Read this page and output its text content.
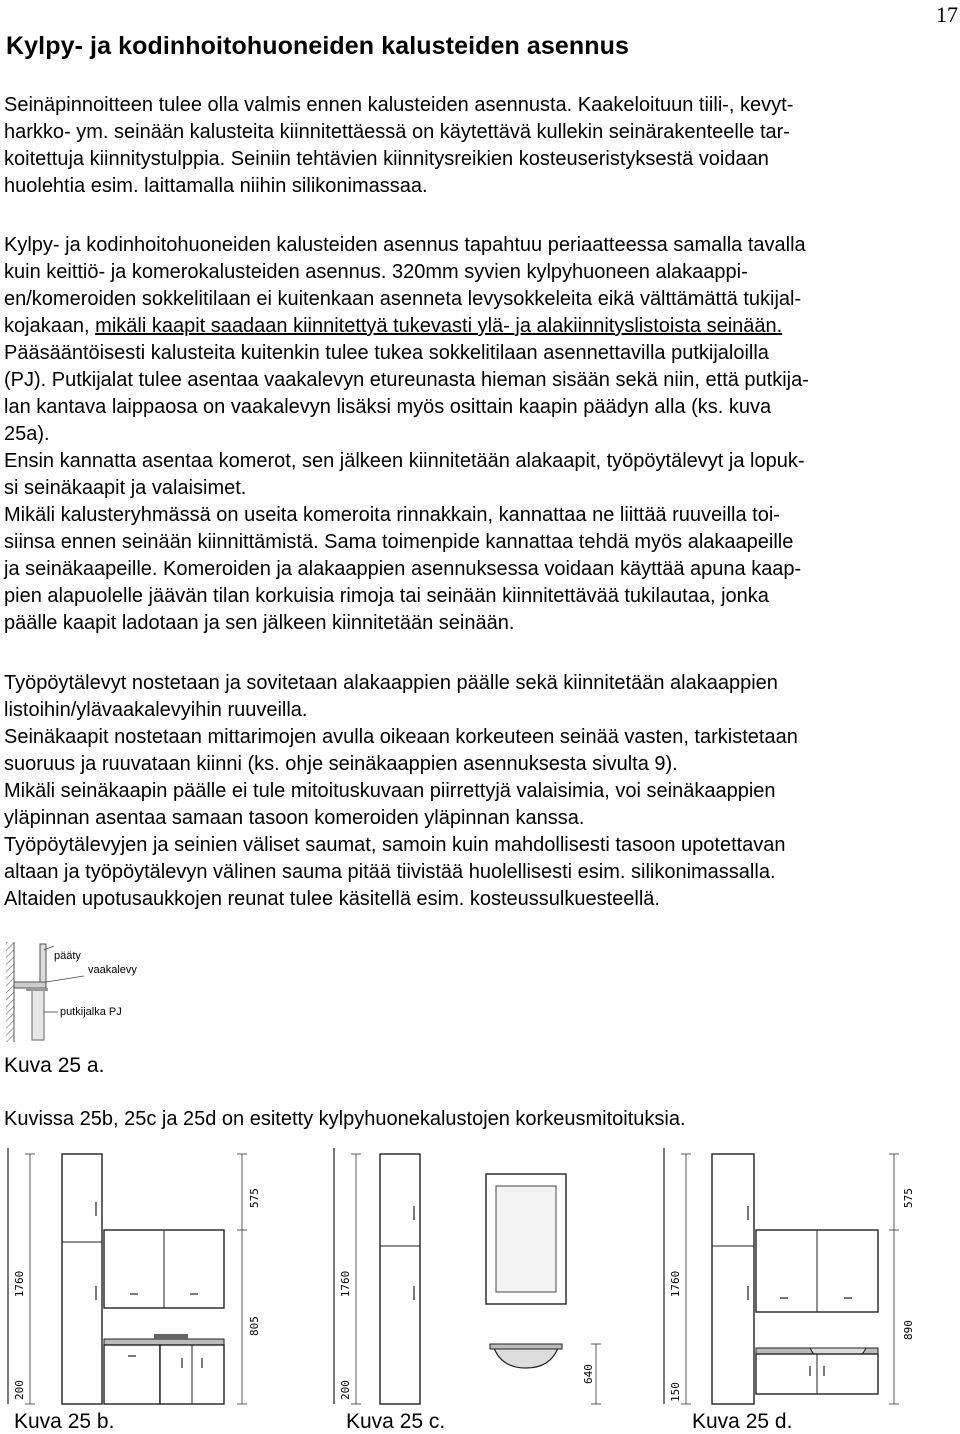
17
Kylpy- ja kodinhoitohuoneiden kalusteiden asennus
Seinäpinnoitteen tulee olla valmis ennen kalusteiden asennusta. Kaakeloituun tiili-, kevyt-
harkko- ym. seinään kalusteita kiinnitettäessä on käytettävä kullekin seinärakenteelle tar-
koitettuja kiinnitystulppia. Seiniin tehtävien kiinnitysreikien kosteuseristyksestä voidaan
huolehtia esim. laittamalla niihin silikonimassaa.
Kylpy- ja kodinhoitohuoneiden kalusteiden asennus tapahtuu periaatteessa samalla tavalla
kuin keittiö- ja komerokalusteiden asennus. 320mm syvien kylpyhuoneen alakaappi-
en/komeroiden sokkelitilaan ei kuitenkaan asenneta levysokkeleita eikä välttämättä tukijal-
kojakaan, mikäli kaapit saadaan kiinnitettyä tukevasti ylä- ja alakiinnityslistoista seinään.
Pääsääntöisesti kalusteita kuitenkin tulee tukea sokkelitilaan asennettavilla putkijaloilla
(PJ). Putkijalat tulee asentaa vaakalevyn etureunasta hieman sisään sekä niin, että putkija-
lan kantava laippaosa on vaakalevyn lisäksi myös osittain kaapin päädyn alla (ks. kuva
25a).
Ensin kannatta asentaa komerot, sen jälkeen kiinnitetään alakaapit, työpöytälevyt ja lopuk-
si seinäkaapit ja valaisimet.
Mikäli kalusteryhmässä on useita komeroita rinnakkain, kannattaa ne liittää ruuveilla toi-
siinsa ennen seinään kiinnittämistä. Sama toimenpide kannattaa tehdä myös alakaapeille
ja seinäkaapeille. Komeroiden ja alakaappien asennuksessa voidaan käyttää apuna kaap-
pien alapuolelle jäävän tilan korkuisia rimoja tai seinään kiinnitettävää tukilautaa, jonka
päälle kaapit ladotaan ja sen jälkeen kiinnitetään seinään.
Työpöytälevyt nostetaan ja sovitetaan alakaappien päälle sekä kiinnitetään alakaappien
listoihin/ylävaakalevyihin ruuveilla.
Seinäkaapit nostetaan mittarimojen avulla oikeaan korkeuteen seinää vasten, tarkistetaan
suoruus ja ruuvataan kiinni (ks. ohje seinäkaappien asennuksesta sivulta 9).
Mikäli seinäkaapin päälle ei tule mitoituskuvaan piirrettyjä valaisimia, voi seinäkaappien
yläpinnan asentaa samaan tasoon komeroiden yläpinnan kanssa.
Työpöytälevyjen ja seinien väliset saumat, samoin kuin mahdollisesti tasoon upotettavan
altaan ja työpöytälevyn välinen sauma pitää tiivistää huolellisesti esim. silikonimassalla.
Altaiden upotusaukkojen reunat tulee käsitellä esim. kosteussulkuesteellä.
pääty
vaakalevy
putkijalka PJ
Kuva 25 a.
Kuvissa 25b, 25c ja 25d on esitetty kylpyhuonekalustojen korkeusmitoituksia.
1760
575
805
200
Kuva 25 b.
1760
640
200
Kuva 25 c.
1760
575
890
150
Kuva 25 d.
